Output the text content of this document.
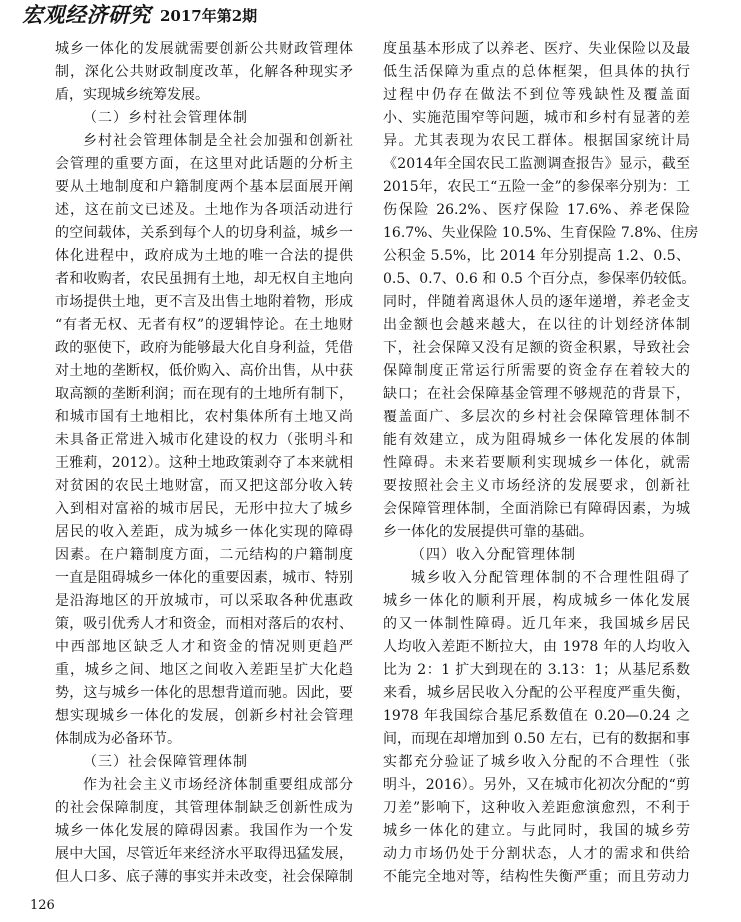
宏观经济研究 2017年第2期
城乡一体化的发展就需要创新公共财政管理体
制，深化公共财政制度改革，化解各种现实矛
盾，实现城乡统筹发展。
（二）乡村社会管理体制
乡村社会管理体制是全社会加强和创新社
会管理的重要方面，在这里对此话题的分析主
要从土地制度和户籍制度两个基本层面展开阐
述，这在前文已述及。土地作为各项活动进行
的空间载体，关系到每个人的切身利益，城乡一
体化进程中，政府成为土地的唯一合法的提供
者和收购者，农民虽拥有土地，却无权自主地向
市场提供土地，更不言及出售土地附着物，形成
“有者无权、无者有权”的逻辑悖论。在土地财
政的驱使下，政府为能够最大化自身利益，凭借
对土地的垄断权，低价购入、高价出售，从中获
取高额的垄断利润；而在现有的土地所有制下，
和城市国有土地相比，农村集体所有土地又尚
未具备正常进入城市化建设的权力（张明斗和
王雅莉，2012）。这种土地政策剥夺了本来就相
对贫困的农民土地财富，而又把这部分收入转
入到相对富裕的城市居民，无形中拉大了城乡
居民的收入差距，成为城乡一体化实现的障碍
因素。在户籍制度方面，二元结构的户籍制度
一直是阻碍城乡一体化的重要因素，城市、特别
是沿海地区的开放城市，可以采取各种优惠政
策，吸引优秀人才和资金，而相对落后的农村、
中西部地区缺乏人才和资金的情况则更趋严
重，城乡之间、地区之间收入差距呈扩大化趋
势，这与城乡一体化的思想背道而驰。因此，要
想实现城乡一体化的发展，创新乡村社会管理
体制成为必备环节。
（三）社会保障管理体制
作为社会主义市场经济体制重要组成部分
的社会保障制度，其管理体制缺乏创新性成为
城乡一体化发展的障碍因素。我国作为一个发
展中大国，尽管近年来经济水平取得迅猛发展，
但人口多、底子薄的事实并未改变，社会保障制
度虽基本形成了以养老、医疗、失业保险以及最
低生活保障为重点的总体框架，但具体的执行
过程中仍存在做法不到位等残缺性及覆盖面
小、实施范围窄等问题，城市和乡村有显著的差
异。尤其表现为农民工群体。根据国家统计局
《2014年全国农民工监测调查报告》显示，截至
2015年，农民工“五险一金”的参保率分别为：工
伤保险 26.2%、医疗保险 17.6%、养老保险
16.7%、失业保险 10.5%、生育保险 7.8%、住房
公积金 5.5%，比 2014 年分别提高 1.2、0.5、
0.5、0.7、0.6 和 0.5 个百分点，参保率仍较低。
同时，伴随着离退休人员的逐年递增，养老金支
出金额也会越来越大，在以往的计划经济体制
下，社会保障又没有足额的资金积累，导致社会
保障制度正常运行所需要的资金存在着较大的
缺口；在社会保障基金管理不够规范的背景下，
覆盖面广、多层次的乡村社会保障管理体制不
能有效建立，成为阻碍城乡一体化发展的体制
性障碍。未来若要顺利实现城乡一体化，就需
要按照社会主义市场经济的发展要求，创新社
会保障管理体制，全面消除已有障碍因素，为城
乡一体化的发展提供可靠的基础。
（四）收入分配管理体制
城乡收入分配管理体制的不合理性阻碍了
城乡一体化的顺利开展，构成城乡一体化发展
的又一体制性障碍。近几年来，我国城乡居民
人均收入差距不断拉大，由 1978 年的人均收入
比为 2：1 扩大到现在的 3.13：1；从基尼系数
来看，城乡居民收入分配的公平程度严重失衡，
1978 年我国综合基尼系数值在 0.20—0.24 之
间，而现在却增加到 0.50 左右，已有的数据和事
实都充分验证了城乡收入分配的不合理性（张
明斗，2016）。另外，又在城市化初次分配的“剪
刀差”影响下，这种收入差距愈演愈烈，不利于
城乡一体化的建立。与此同时，我国的城乡劳
动力市场仍处于分割状态，人才的需求和供给
不能完全地对等，结构性失衡严重；而且劳动力
126
